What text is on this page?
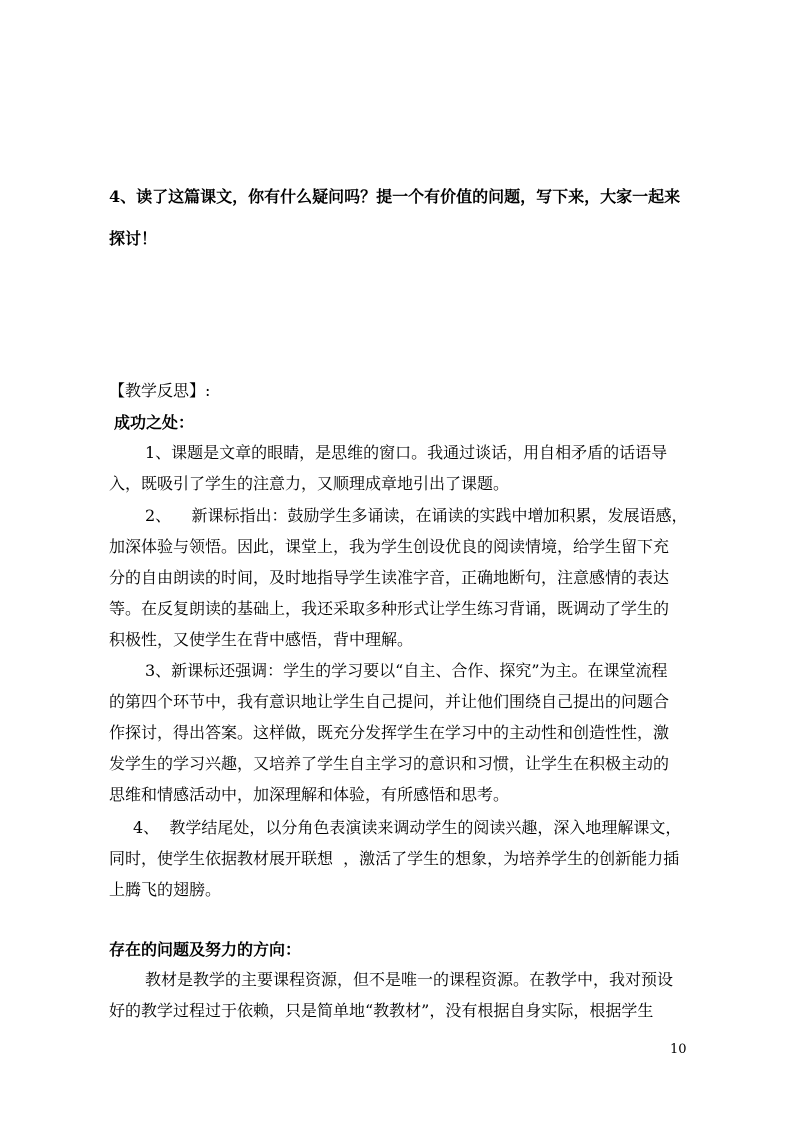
4、读了这篇课文，你有什么疑问吗？提一个有价值的问题，写下来，大家一起来
探讨！
【教学反思】:
成功之处：
1、课题是文章的眼睛，是思维的窗口。我通过谈话，用自相矛盾的话语导
入，既吸引了学生的注意力，又顺理成章地引出了课题。
2、    新课标指出：鼓励学生多诵读，在诵读的实践中增加积累，发展语感，
加深体验与领悟。因此，课堂上，我为学生创设优良的阅读情境，给学生留下充
分的自由朗读的时间，及时地指导学生读准字音，正确地断句，注意感情的表达
等。在反复朗读的基础上，我还采取多种形式让学生练习背诵，既调动了学生的
积极性，又使学生在背中感悟，背中理解。
3、新课标还强调：学生的学习要以“自主、合作、探究”为主。在课堂流程
的第四个环节中，我有意识地让学生自己提问，并让他们围绕自己提出的问题合
作探讨，得出答案。这样做，既充分发挥学生在学习中的主动性和创造性性，激
发学生的学习兴趣，又培养了学生自主学习的意识和习惯，让学生在积极主动的
思维和情感活动中，加深理解和体验，有所感悟和思考。
4、  教学结尾处，以分角色表演读来调动学生的阅读兴趣，深入地理解课文，
同时，使学生依据教材展开联想  ，激活了学生的想象，为培养学生的创新能力插
上腾飞的翅膀。
存在的问题及努力的方向：
教材是教学的主要课程资源，但不是唯一的课程资源。在教学中，我对预设
好的教学过程过于依赖，只是简单地“教教材”，没有根据自身实际，根据学生
10
